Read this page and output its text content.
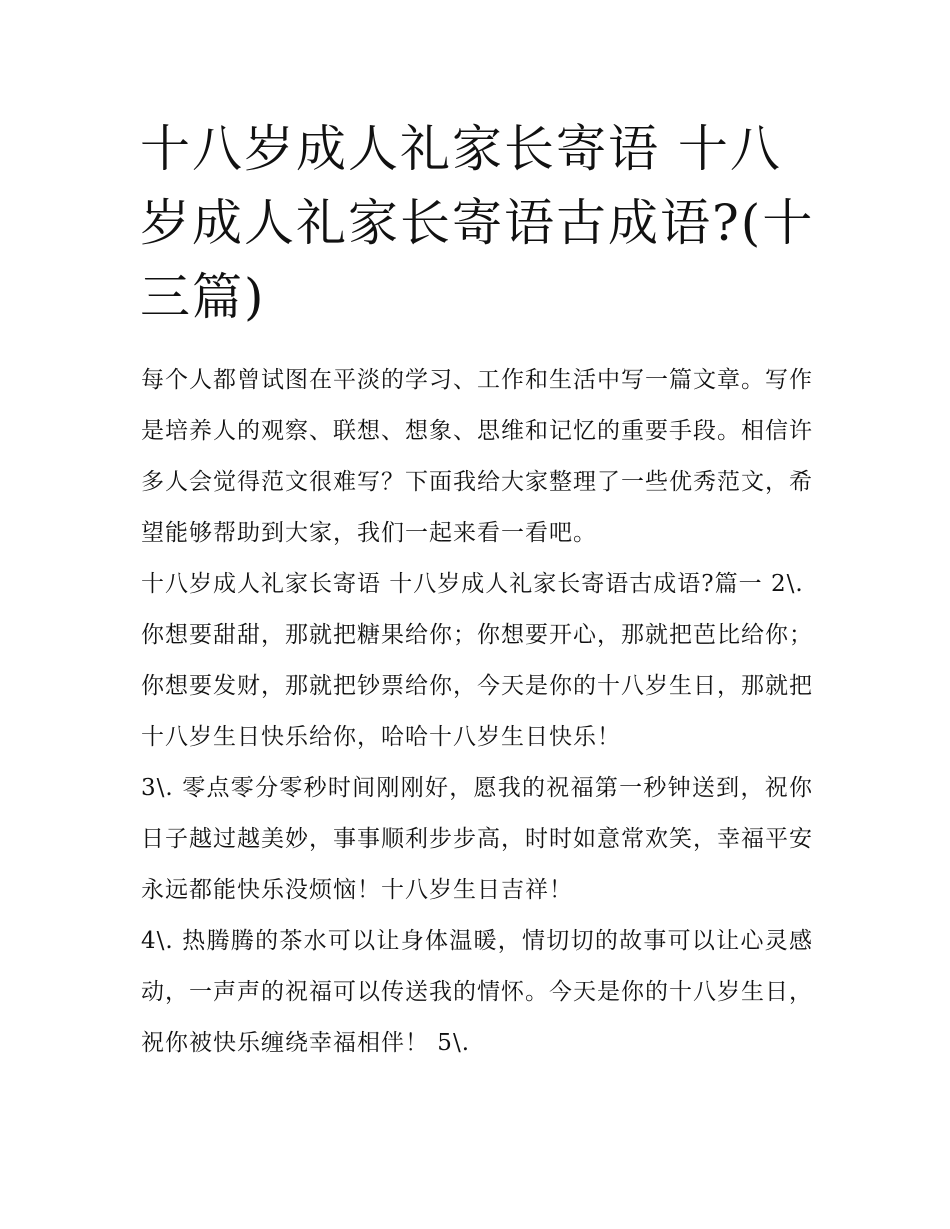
十八岁成人礼家长寄语 十八岁成人礼家长寄语古成语?(十三篇)

每个人都曾试图在平淡的学习、工作和生活中写一篇文章。写作是培养人的观察、联想、想象、思维和记忆的重要手段。相信许多人会觉得范文很难写？下面我给大家整理了一些优秀范文，希望能够帮助到大家，我们一起来看一看吧。

十八岁成人礼家长寄语 十八岁成人礼家长寄语古成语?篇一 2\.

你想要甜甜，那就把糖果给你；你想要开心，那就把芭比给你；你想要发财，那就把钞票给你，今天是你的十八岁生日，那就把十八岁生日快乐给你，哈哈十八岁生日快乐！

3\. 零点零分零秒时间刚刚好，愿我的祝福第一秒钟送到，祝你日子越过越美妙，事事顺利步步高，时时如意常欢笑，幸福平安永远都能快乐没烦恼！十八岁生日吉祥！

4\. 热腾腾的茶水可以让身体温暖，情切切的故事可以让心灵感动，一声声的祝福可以传送我的情怀。今天是你的十八岁生日，祝你被快乐缠绕幸福相伴！ 5\.
